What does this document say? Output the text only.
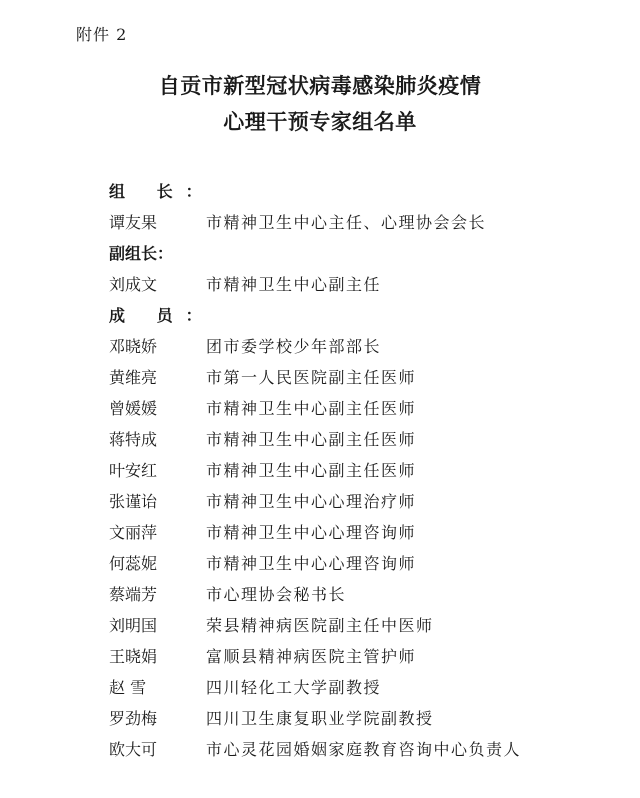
附件 2
自贡市新型冠状病毒感染肺炎疫情
心理干预专家组名单
组 长：
谭友果	市精神卫生中心主任、心理协会会长
副组长：
刘成文	市精神卫生中心副主任
成 员：
邓晓娇	团市委学校少年部部长
黄维亮	市第一人民医院副主任医师
曾媛媛	市精神卫生中心副主任医师
蒋特成	市精神卫生中心副主任医师
叶安红	市精神卫生中心副主任医师
张谨诒	市精神卫生中心心理治疗师
文丽萍	市精神卫生中心心理咨询师
何蕊妮	市精神卫生中心心理咨询师
蔡端芳	市心理协会秘书长
刘明国	荣县精神病医院副主任中医师
王晓娟	富顺县精神病医院主管护师
赵 雪	四川轻化工大学副教授
罗劲梅	四川卫生康复职业学院副教授
欧大可	市心灵花园婚姻家庭教育咨询中心负责人
